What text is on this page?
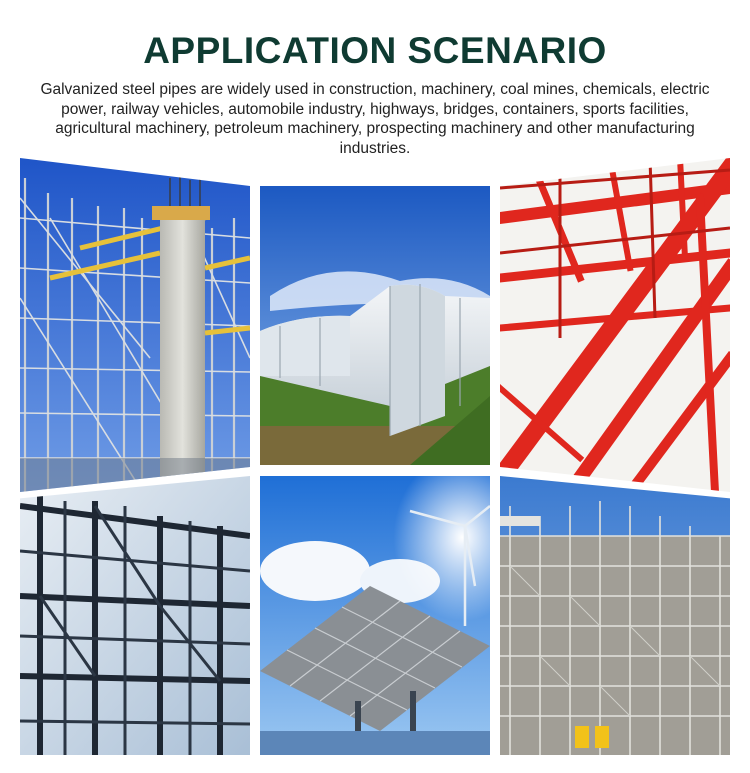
APPLICATION SCENARIO

Galvanized steel pipes are widely used in construction, machinery, coal mines, chemicals, electric power, railway vehicles, automobile industry, highways, bridges, containers, sports facilities, agricultural machinery, petroleum machinery, prospecting machinery and other manufacturing industries.
